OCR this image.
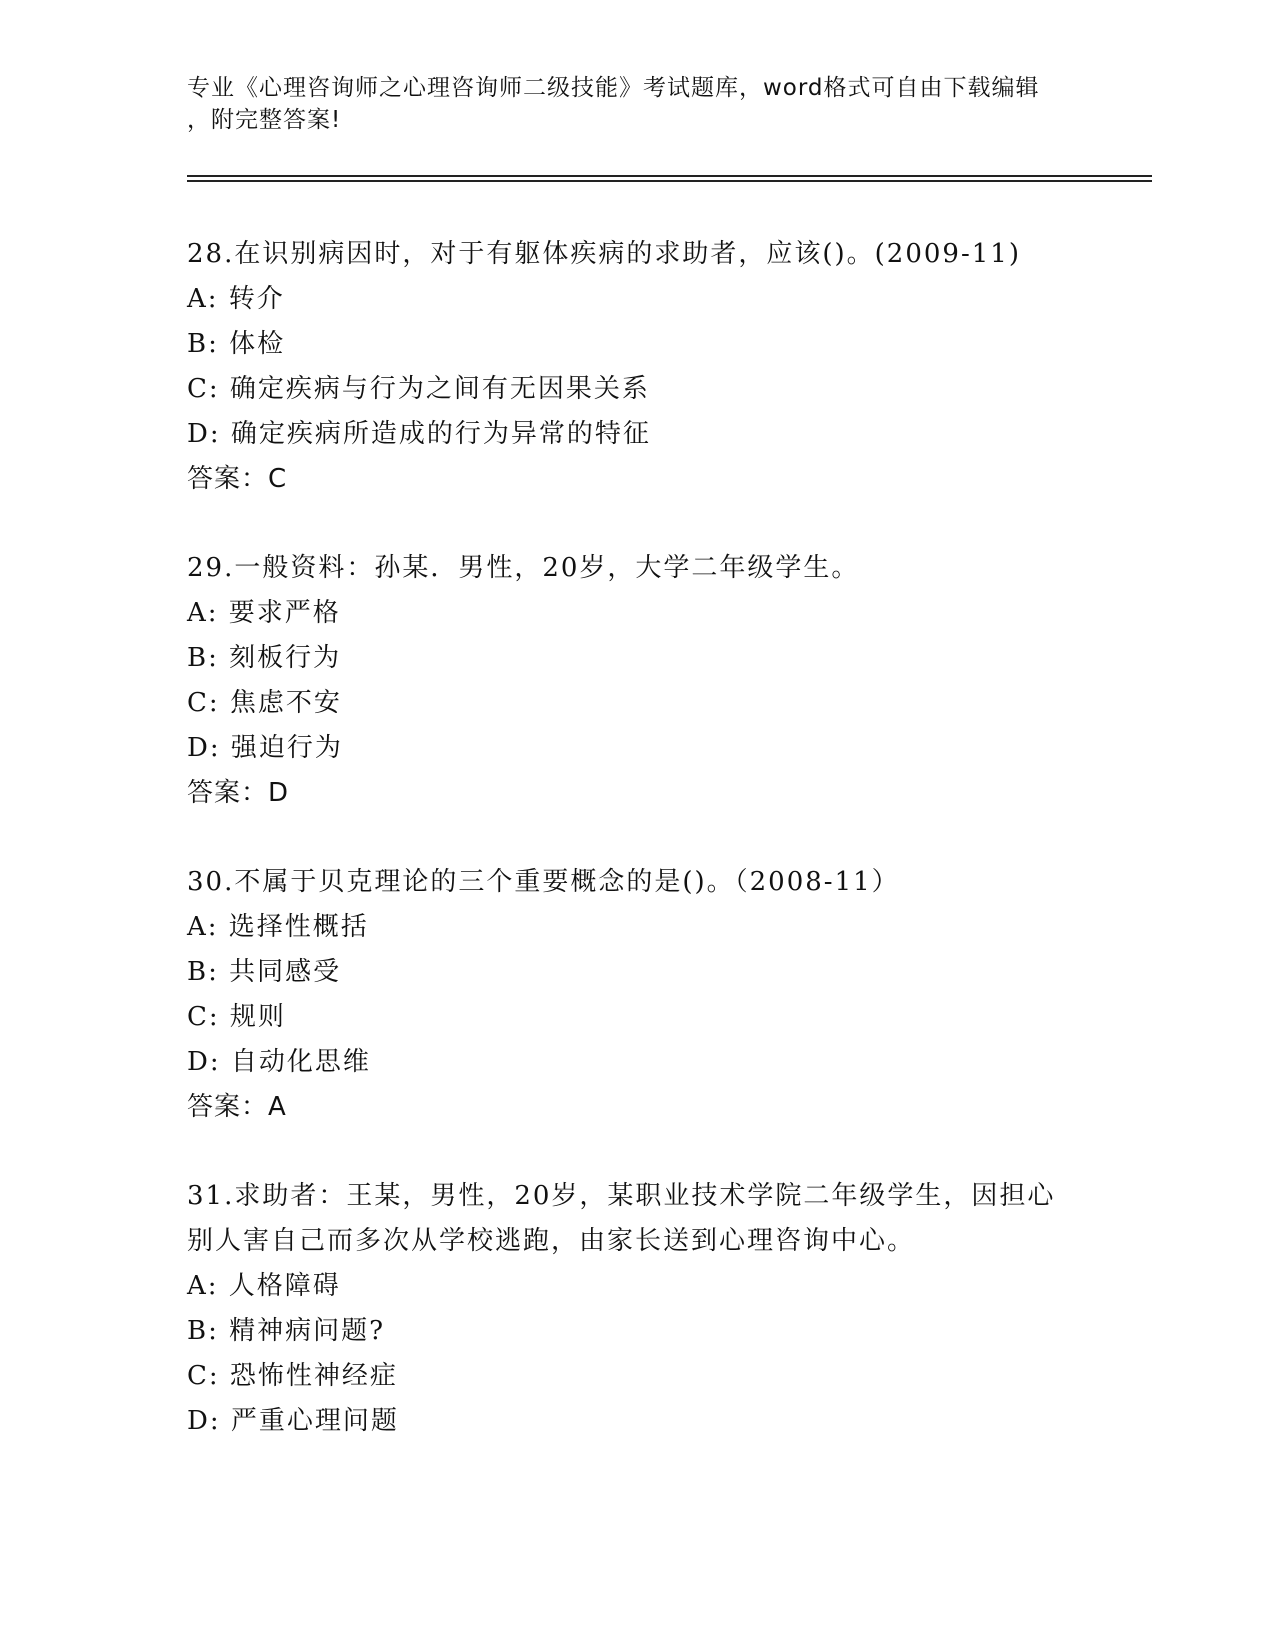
专业《心理咨询师之心理咨询师二级技能》考试题库，word格式可自由下载编辑
，附完整答案!

28.在识别病因时，对于有躯体疾病的求助者，应该()。(2009-11)

A: 转介

B: 体检

C: 确定疾病与行为之间有无因果关系

D: 确定疾病所造成的行为异常的特征

答案：C

29.一般资料：孙某．男性，20岁，大学二年级学生。

A: 要求严格

B: 刻板行为

C: 焦虑不安

D: 强迫行为

答案：D

30.不属于贝克理论的三个重要概念的是()。（2008-11）

A: 选择性概括

B: 共同感受

C: 规则

D: 自动化思维

答案：A

31.求助者：王某，男性，20岁，某职业技术学院二年级学生，因担心

别人害自己而多次从学校逃跑，由家长送到心理咨询中心。

A: 人格障碍

B: 精神病问题?

C: 恐怖性神经症

D: 严重心理问题
